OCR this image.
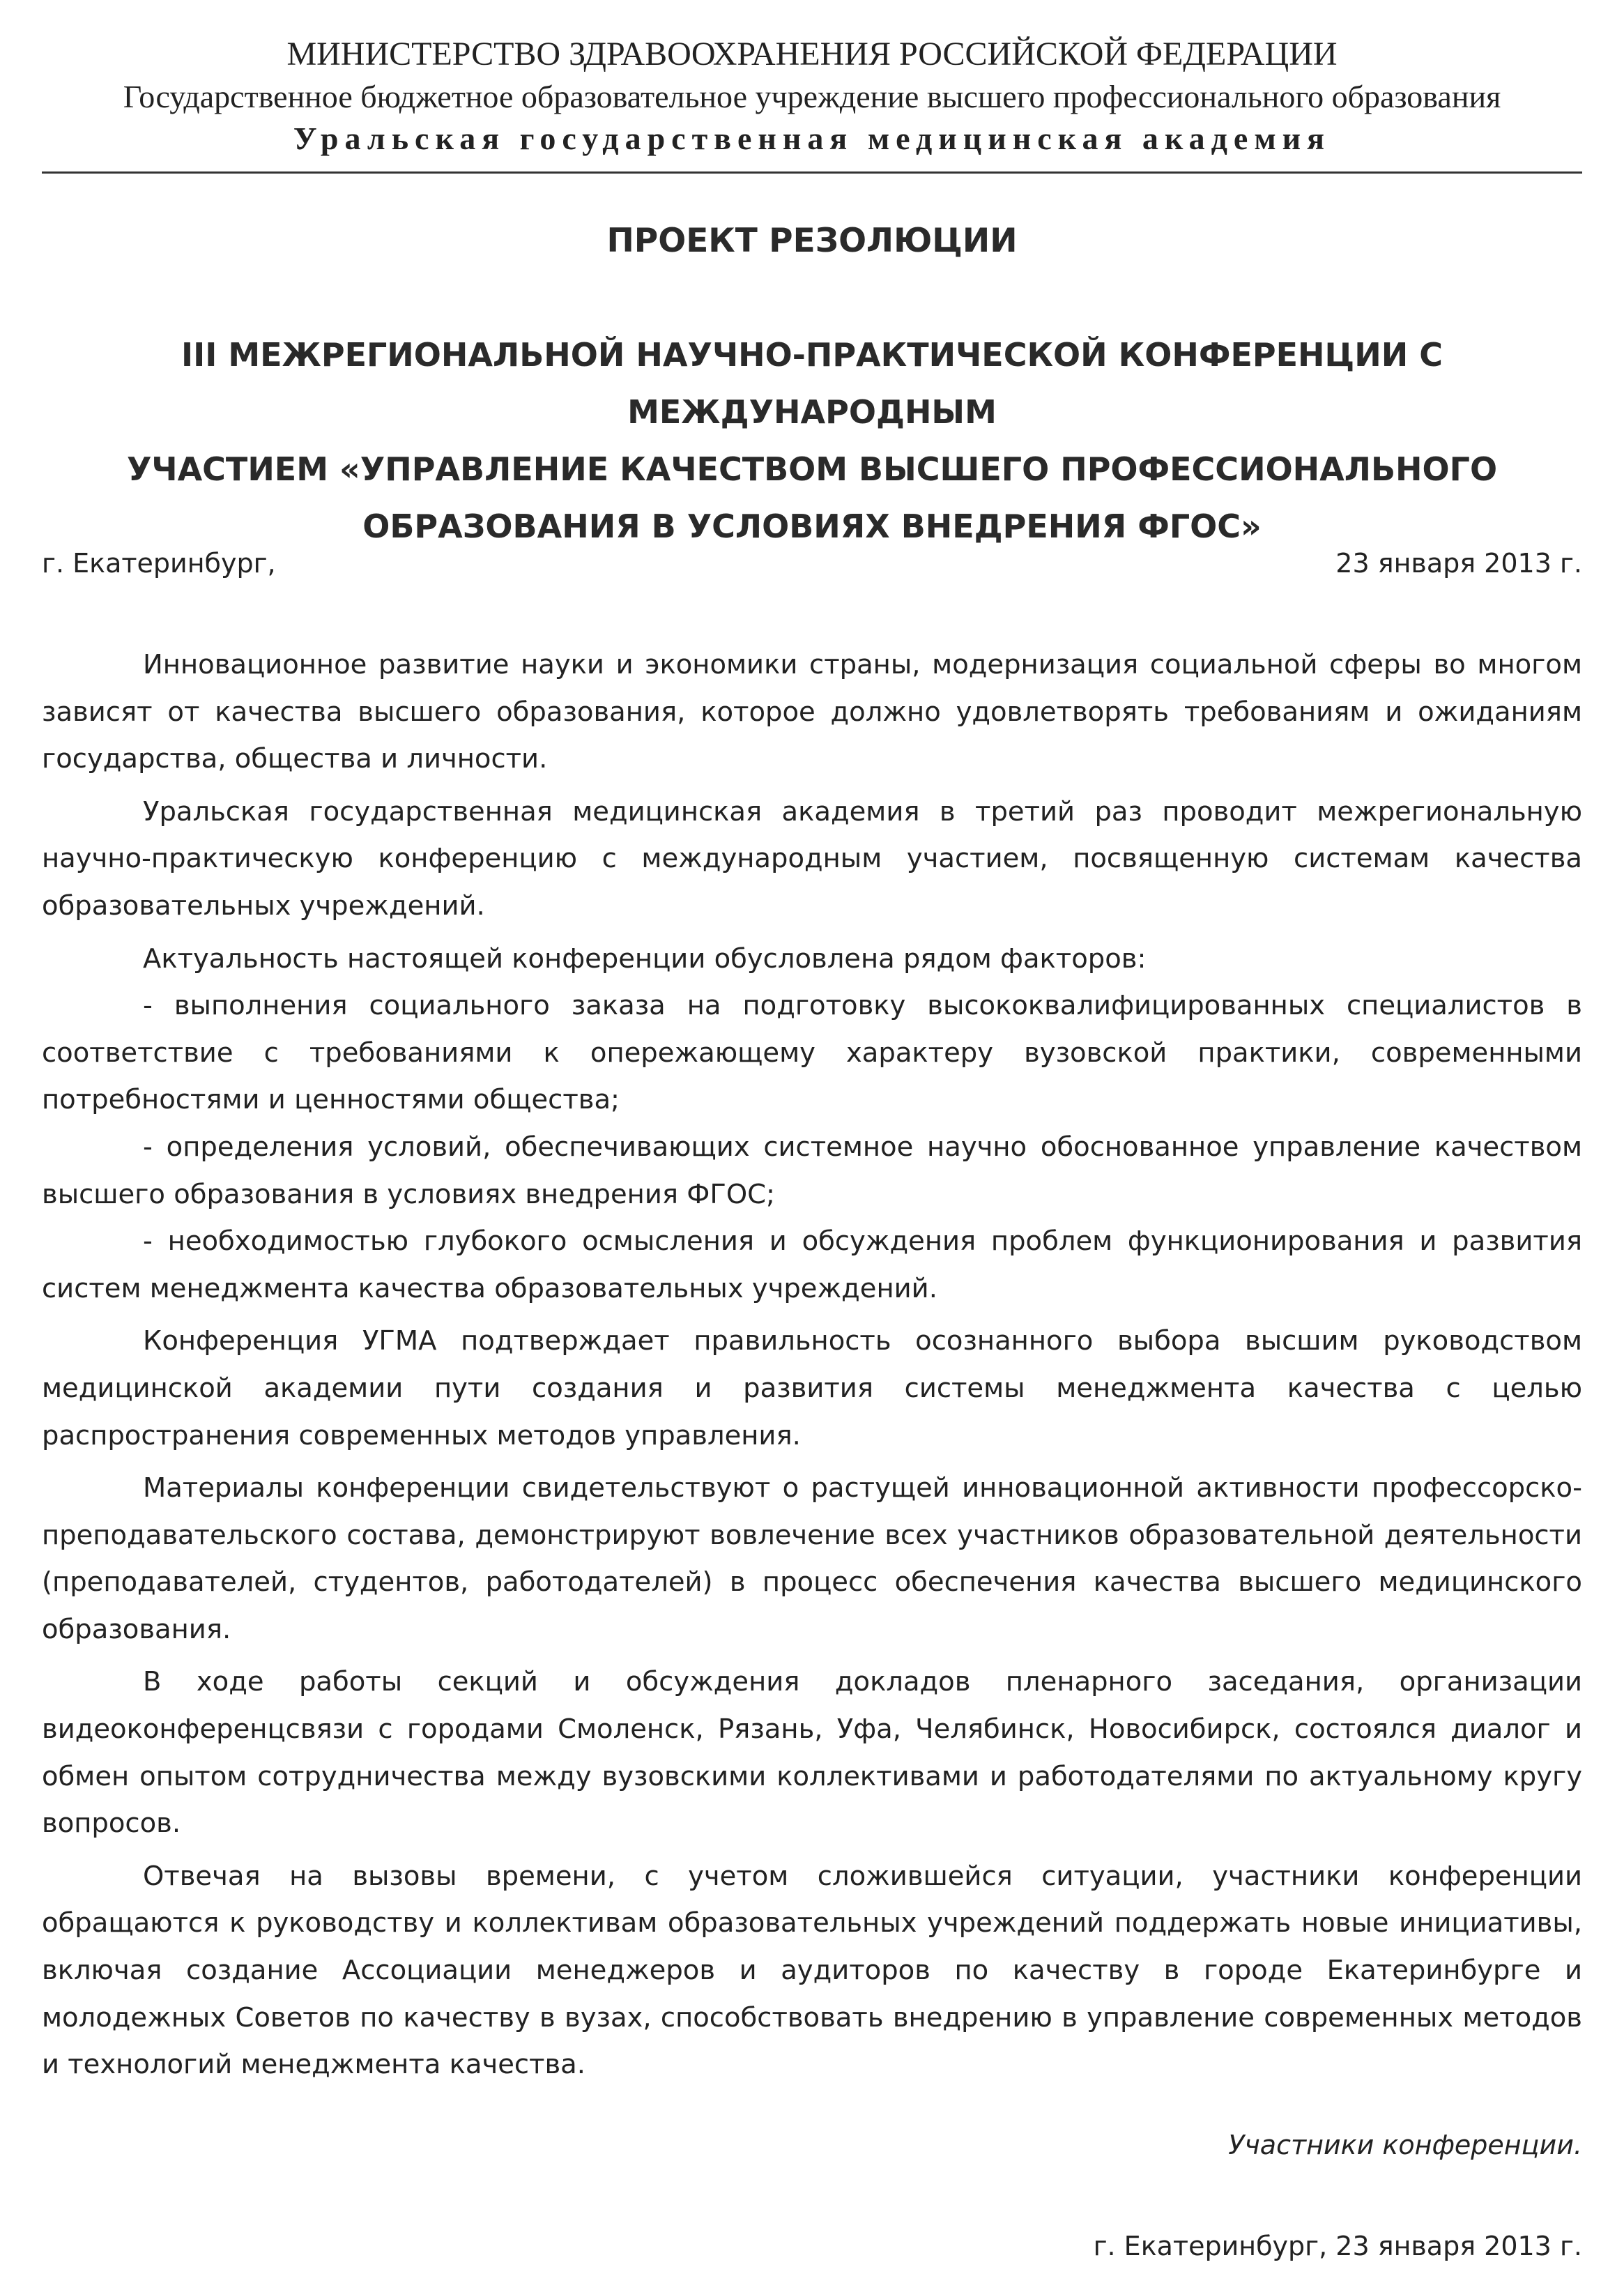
МИНИСТЕРСТВО ЗДРАВООХРАНЕНИЯ РОССИЙСКОЙ ФЕДЕРАЦИИ
Государственное бюджетное образовательное учреждение высшего профессионального образования
Уральская государственная медицинская академия
ПРОЕКТ РЕЗОЛЮЦИИ
III МЕЖРЕГИОНАЛЬНОЙ НАУЧНО-ПРАКТИЧЕСКОЙ КОНФЕРЕНЦИИ С МЕЖДУНАРОДНЫМ
УЧАСТИЕМ «УПРАВЛЕНИЕ КАЧЕСТВОМ ВЫСШЕГО ПРОФЕССИОНАЛЬНОГО
ОБРАЗОВАНИЯ В УСЛОВИЯХ ВНЕДРЕНИЯ ФГОС»
г. Екатеринбург,	23 января 2013 г.

Инновационное развитие науки и экономики страны, модернизация социальной сферы во многом зависят от качества высшего образования, которое должно удовлетворять требованиям и ожиданиям государства, общества и личности.

Уральская государственная медицинская академия в третий раз проводит межрегиональную научно-практическую конференцию с международным участием, посвященную системам качества образовательных учреждений.

Актуальность настоящей конференции обусловлена рядом факторов:

- выполнения социального заказа на подготовку высококвалифицированных специалистов в соответствие с требованиями к опережающему характеру вузовской практики, современными потребностями и ценностями общества;

- определения условий, обеспечивающих системное научно обоснованное управление качеством высшего образования в условиях внедрения ФГОС;

- необходимостью глубокого осмысления и обсуждения проблем функционирования и развития систем менеджмента качества образовательных учреждений.

Конференция УГМА подтверждает правильность осознанного выбора высшим руководством медицинской академии пути создания и развития системы менеджмента качества с целью распространения современных методов управления.

Материалы конференции свидетельствуют о растущей инновационной активности профессорско-преподавательского состава, демонстрируют вовлечение всех участников образовательной деятельности (преподавателей, студентов, работодателей) в процесс обеспечения качества высшего медицинского образования.

В ходе работы секций и обсуждения докладов пленарного заседания, организации видеоконференцсвязи с городами Смоленск, Рязань, Уфа, Челябинск, Новосибирск, состоялся диалог и обмен опытом сотрудничества между вузовскими коллективами и работодателями по актуальному кругу вопросов.

Отвечая на вызовы времени, с учетом сложившейся ситуации, участники конференции обращаются к руководству и коллективам образовательных учреждений поддержать новые инициативы, включая создание Ассоциации менеджеров и аудиторов по качеству в городе Екатеринбурге и молодежных Советов по качеству в вузах, способствовать внедрению в управление современных методов и технологий менеджмента качества.

Участники конференции.
г. Екатеринбург, 23 января 2013 г.
